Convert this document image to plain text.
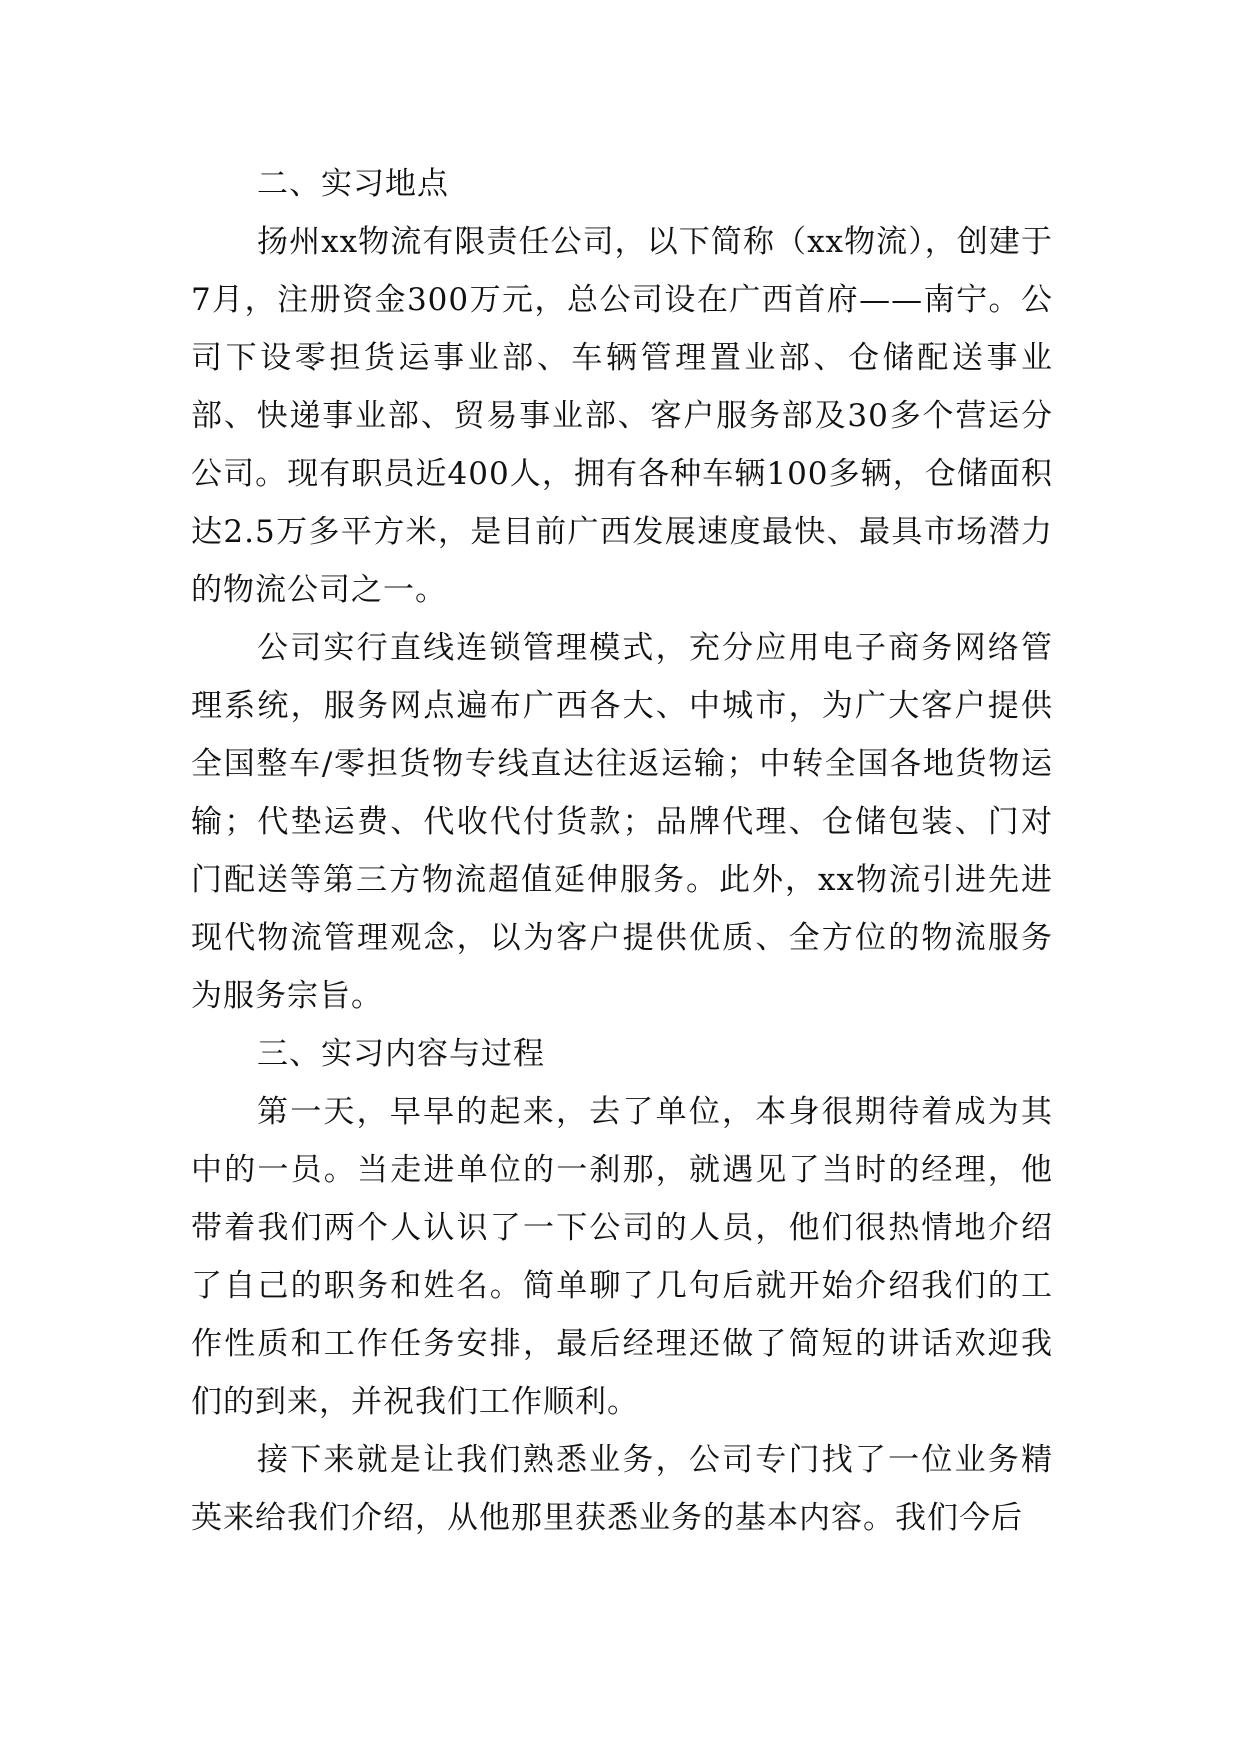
二、实习地点

扬州xx物流有限责任公司，以下简称（xx物流），创建于7月，注册资金300万元，总公司设在广西首府——南宁。公司下设零担货运事业部、车辆管理置业部、仓储配送事业部、快递事业部、贸易事业部、客户服务部及30多个营运分公司。现有职员近400人，拥有各种车辆100多辆，仓储面积达2.5万多平方米，是目前广西发展速度最快、最具市场潜力的物流公司之一。

公司实行直线连锁管理模式，充分应用电子商务网络管理系统，服务网点遍布广西各大、中城市，为广大客户提供全国整车/零担货物专线直达往返运输；中转全国各地货物运输；代垫运费、代收代付货款；品牌代理、仓储包装、门对门配送等第三方物流超值延伸服务。此外，xx物流引进先进现代物流管理观念，以为客户提供优质、全方位的物流服务为服务宗旨。

三、实习内容与过程

第一天，早早的起来，去了单位，本身很期待着成为其中的一员。当走进单位的一刹那，就遇见了当时的经理，他带着我们两个人认识了一下公司的人员，他们很热情地介绍了自己的职务和姓名。简单聊了几句后就开始介绍我们的工作性质和工作任务安排，最后经理还做了简短的讲话欢迎我们的到来，并祝我们工作顺利。

接下来就是让我们熟悉业务，公司专门找了一位业务精英来给我们介绍，从他那里获悉业务的基本内容。我们今后
